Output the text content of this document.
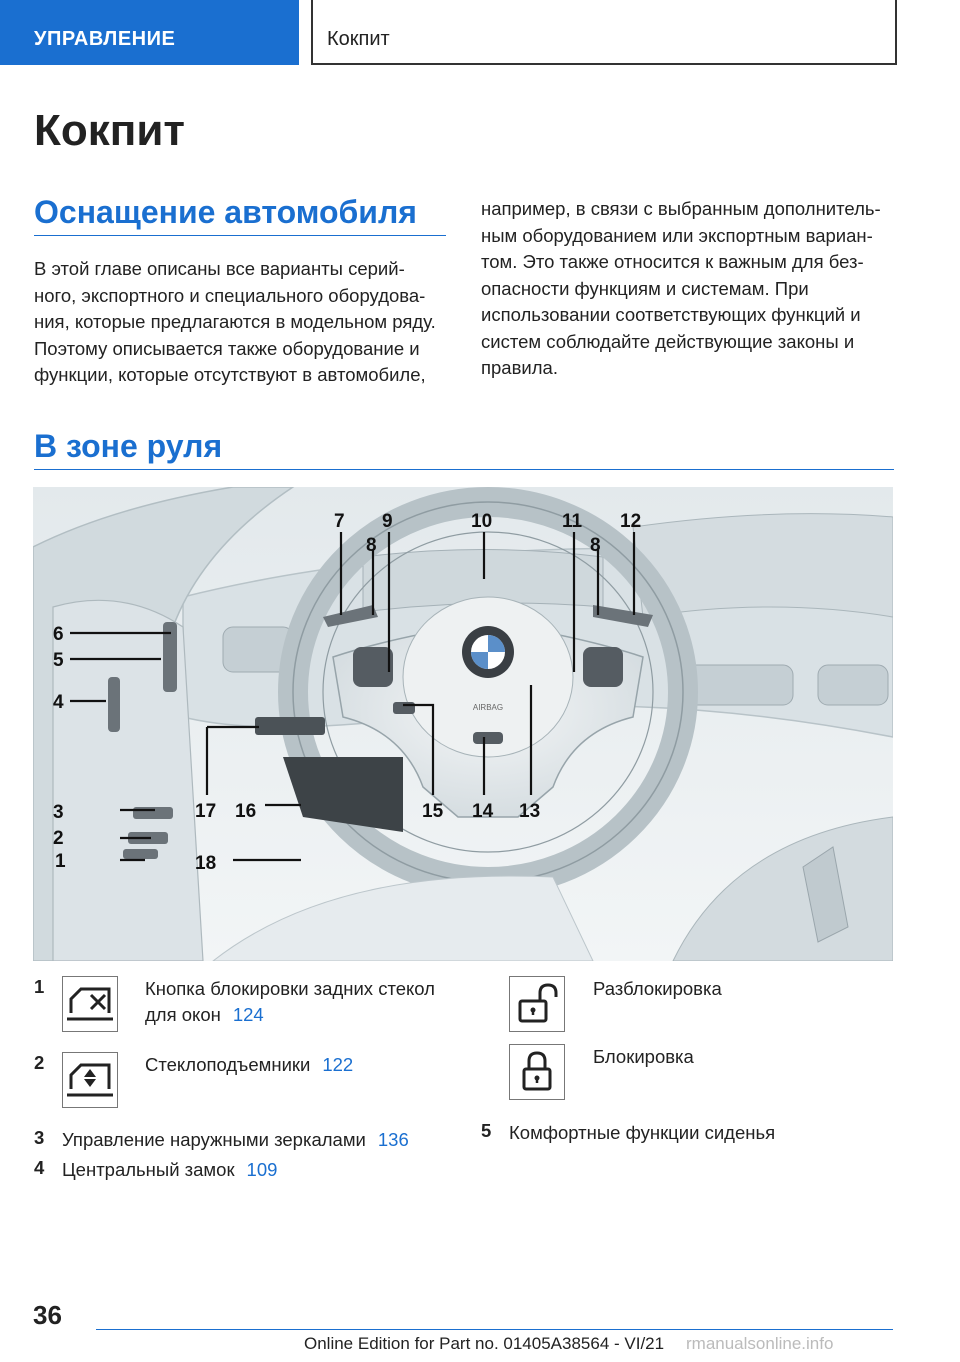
УПРАВЛЕНИЕ	Кокпит
Кокпит
Оснащение автомобиля
В этой главе описаны все варианты серий-
ного, экспортного и специального оборудова-
ния, которые предлагаются в модельном ряду.
Поэтому описывается также оборудование и
функции, которые отсутствуют в автомобиле,
например, в связи с выбранным дополнитель-
ным оборудованием или экспортным вариан-
том. Это также относится к важным для без-
опасности функциям и системам. При
использовании соответствующих функций и
систем соблюдайте действующие законы и
правила.
В зоне руля
AIRBAG
1
2
3
4
5
6
7
8
9	10	11
8
12
13
14
15
16
17
18
1	Кнопка блокировки задних стекол
для окон 124
2	Стеклоподъемники 122
3 Управление наружными зеркалами 136
4 Центральный замок 109
Разблокировка
Блокировка
5 Комфортные функции сиденья
36
Online Edition for Part no. 01405A38564 - VI/21 rmanualsonline.info
